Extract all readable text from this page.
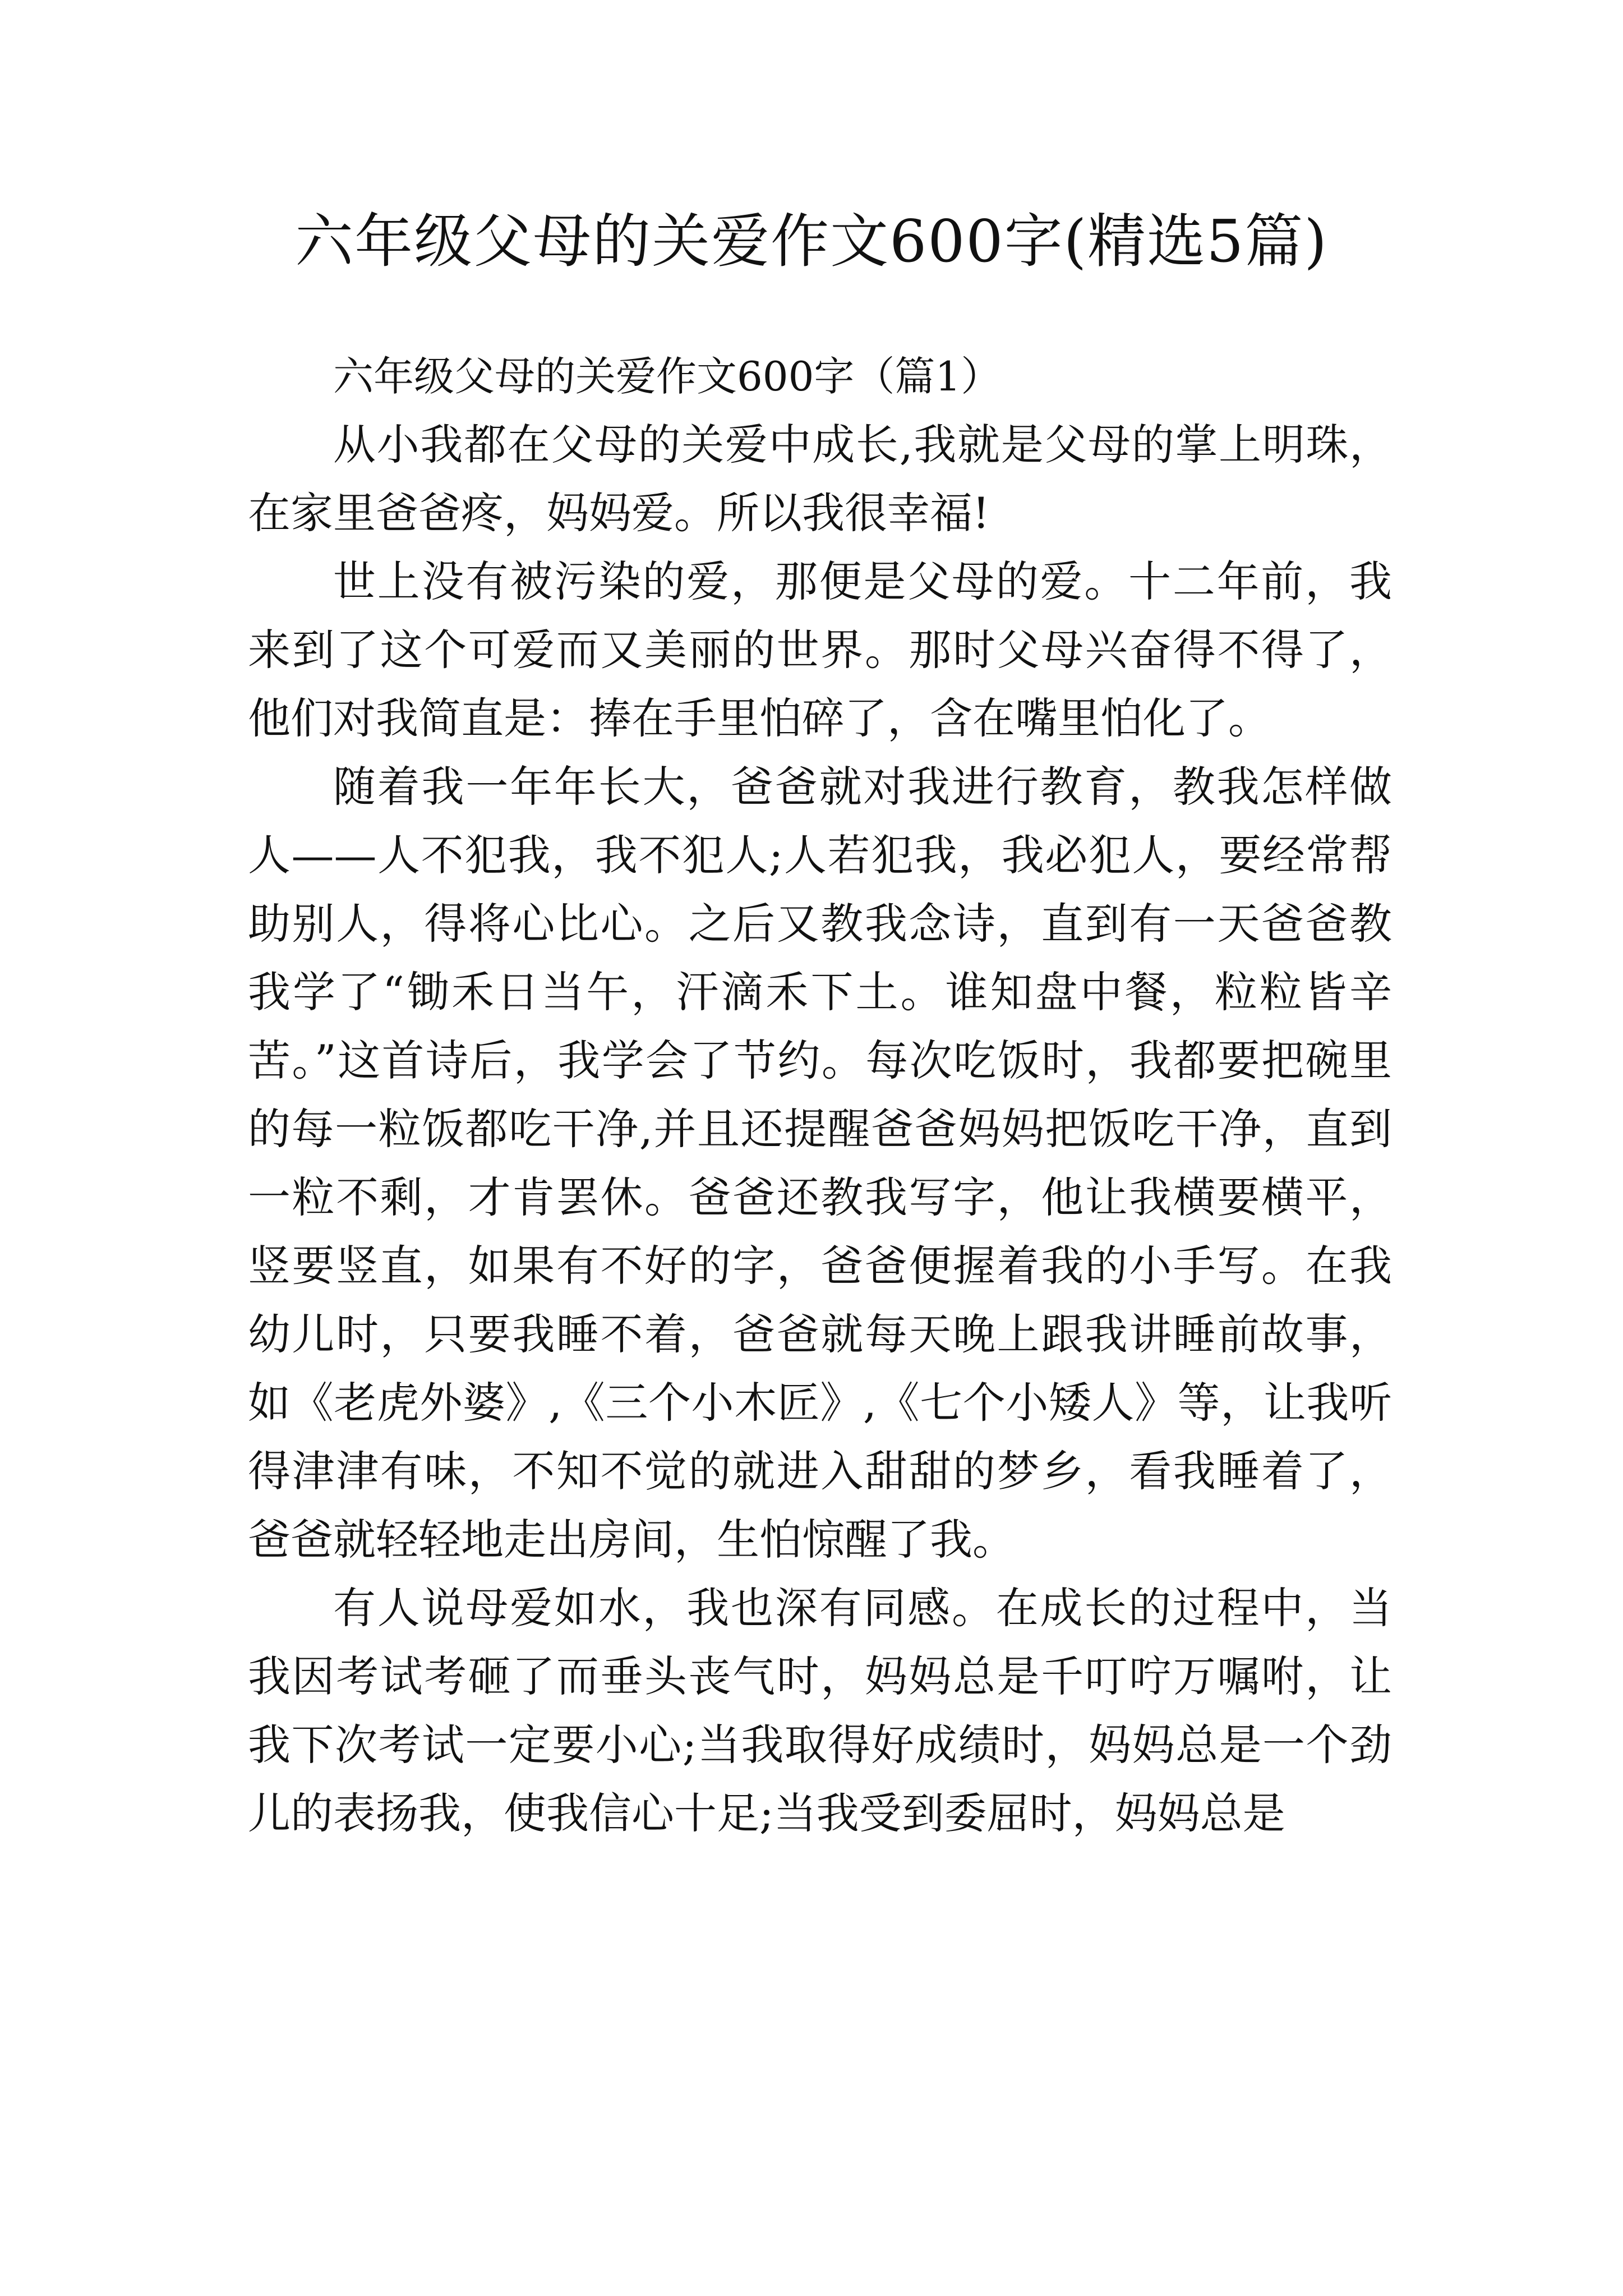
六年级父母的关爱作文600字(精选5篇)
六年级父母的关爱作文600字（篇1）

从小我都在父母的关爱中成长,我就是父母的掌上明珠，在家里爸爸疼，妈妈爱。所以我很幸福!

世上没有被污染的爱，那便是父母的爱。十二年前，我来到了这个可爱而又美丽的世界。那时父母兴奋得不得了，他们对我简直是：捧在手里怕碎了，含在嘴里怕化了。

随着我一年年长大，爸爸就对我进行教育，教我怎样做人——人不犯我，我不犯人;人若犯我，我必犯人，要经常帮助别人，得将心比心。之后又教我念诗，直到有一天爸爸教我学了“锄禾日当午，汗滴禾下土。谁知盘中餐，粒粒皆辛苦。”这首诗后，我学会了节约。每次吃饭时，我都要把碗里的每一粒饭都吃干净,并且还提醒爸爸妈妈把饭吃干净，直到一粒不剩，才肯罢休。爸爸还教我写字，他让我横要横平，竖要竖直，如果有不好的字，爸爸便握着我的小手写。在我幼儿时，只要我睡不着，爸爸就每天晚上跟我讲睡前故事，如《老虎外婆》,《三个小木匠》,《七个小矮人》等，让我听得津津有味，不知不觉的就进入甜甜的梦乡，看我睡着了，爸爸就轻轻地走出房间，生怕惊醒了我。

有人说母爱如水，我也深有同感。在成长的过程中，当我因考试考砸了而垂头丧气时，妈妈总是千叮咛万嘱咐，让我下次考试一定要小心;当我取得好成绩时，妈妈总是一个劲儿的表扬我，使我信心十足;当我受到委屈时，妈妈总是
